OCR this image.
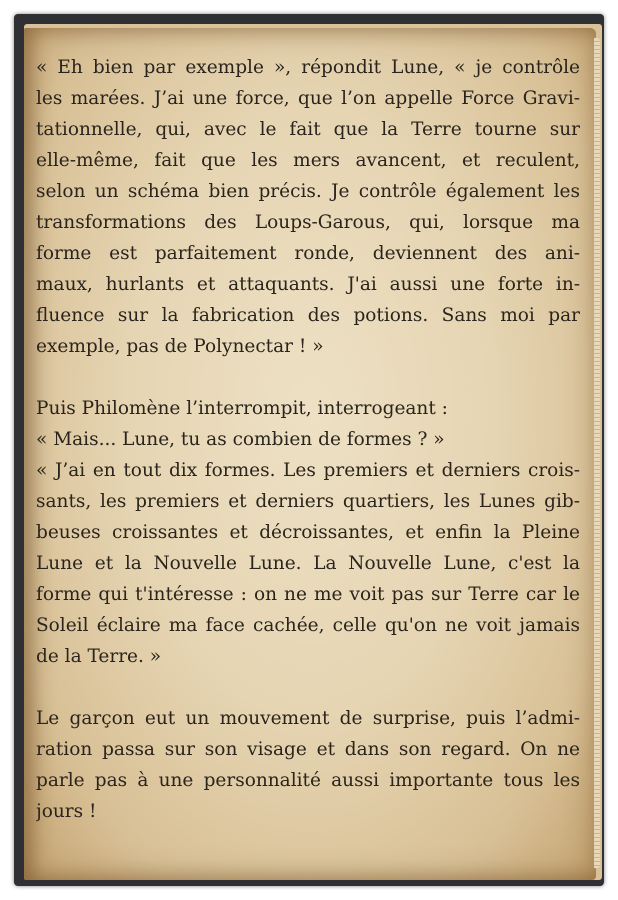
« Eh bien par exemple », répondit Lune, « je contrôle
les marées. J’ai une force, que l’on appelle Force Gravi-
tationnelle, qui, avec le fait que la Terre tourne sur
elle-même, fait que les mers avancent, et reculent,
selon un schéma bien précis. Je contrôle également les
transformations des Loups-Garous, qui, lorsque ma
forme est parfaitement ronde, deviennent des ani-
maux, hurlants et attaquants. J'ai aussi une forte in-
fluence sur la fabrication des potions. Sans moi par
exemple, pas de Polynectar ! »
Puis Philomène l’interrompit, interrogeant :
« Mais... Lune, tu as combien de formes ? »
« J’ai en tout dix formes. Les premiers et derniers crois-
sants, les premiers et derniers quartiers, les Lunes gib-
beuses croissantes et décroissantes, et enfin la Pleine
Lune et la Nouvelle Lune. La Nouvelle Lune, c'est la
forme qui t'intéresse : on ne me voit pas sur Terre car le
Soleil éclaire ma face cachée, celle qu'on ne voit jamais
de la Terre. »
Le garçon eut un mouvement de surprise, puis l’admi-
ration passa sur son visage et dans son regard. On ne
parle pas à une personnalité aussi importante tous les
jours !
